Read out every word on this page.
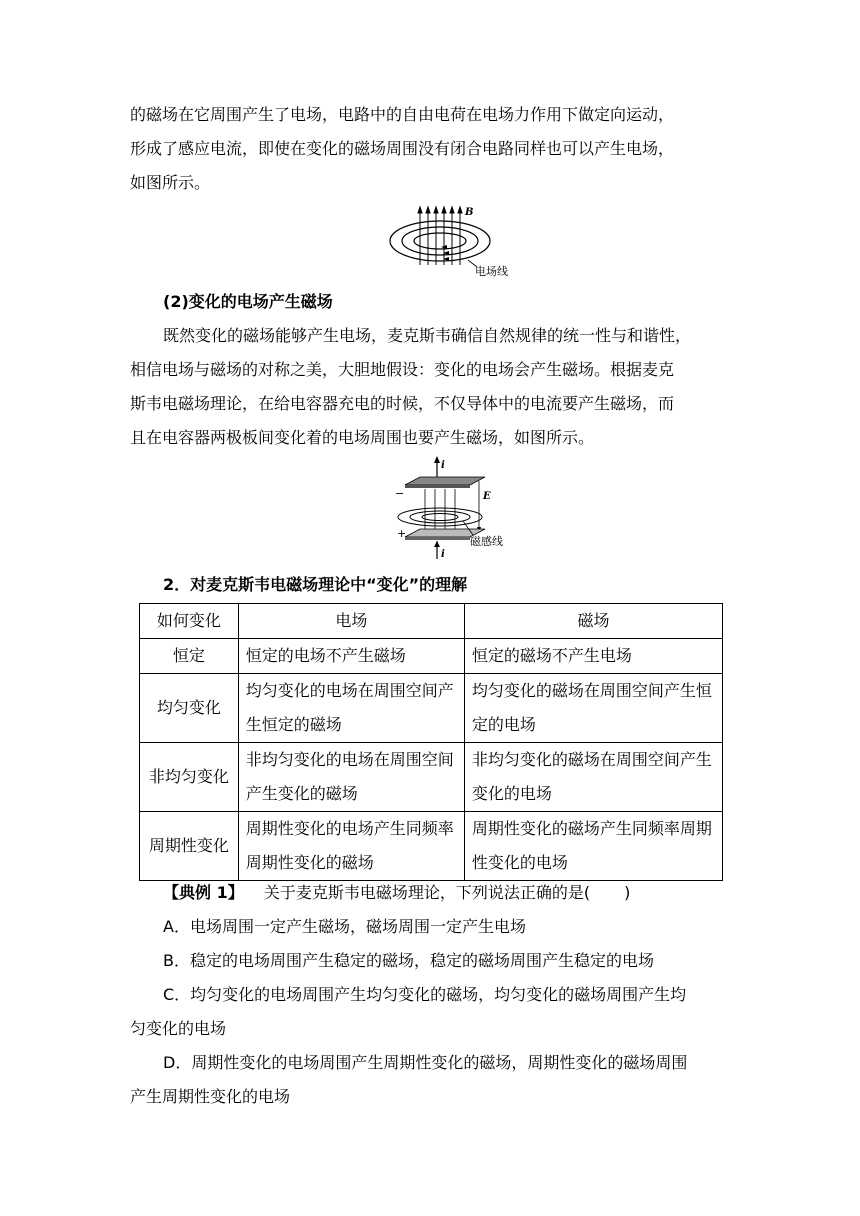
的磁场在它周围产生了电场，电路中的自由电荷在电场力作用下做定向运动，
形成了感应电流，即使在变化的磁场周围没有闭合电路同样也可以产生电场，
如图所示。
B
电场线
(2)变化的电场产生磁场
既然变化的磁场能够产生电场，麦克斯韦确信自然规律的统一性与和谐性，
相信电场与磁场的对称之美，大胆地假设：变化的电场会产生磁场。根据麦克
斯韦电磁场理论，在给电容器充电的时候，不仅导体中的电流要产生磁场，而
且在电容器两极板间变化着的电场周围也要产生磁场，如图所示。
i
−	E
+
i
磁感线
2．对麦克斯韦电磁场理论中“变化”的理解
如何变化	电场	磁场
恒定	恒定的电场不产生磁场	恒定的磁场不产生电场
均匀变化	均匀变化的电场在周围空间产生恒定的磁场	均匀变化的磁场在周围空间产生恒定的电场
非均匀变化	非均匀变化的电场在周围空间产生变化的磁场	非均匀变化的磁场在周围空间产生变化的电场
周期性变化	周期性变化的电场产生同频率周期性变化的磁场	周期性变化的磁场产生同频率周期性变化的电场
【典例 1】 关于麦克斯韦电磁场理论，下列说法正确的是( )
A．电场周围一定产生磁场，磁场周围一定产生电场
B．稳定的电场周围产生稳定的磁场，稳定的磁场周围产生稳定的电场
C．均匀变化的电场周围产生均匀变化的磁场，均匀变化的磁场周围产生均
匀变化的电场
D．周期性变化的电场周围产生周期性变化的磁场，周期性变化的磁场周围
产生周期性变化的电场
